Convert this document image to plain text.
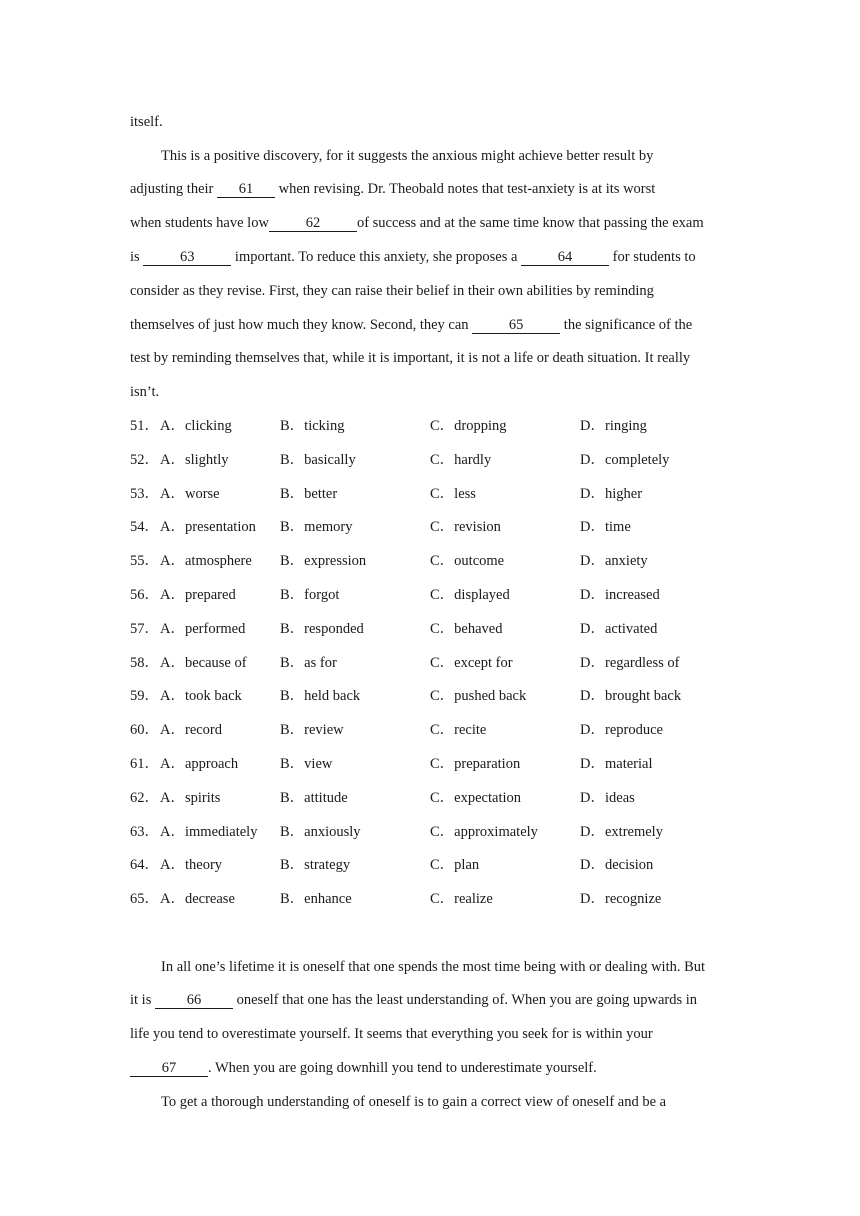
itself.
This is a positive discovery, for it suggests the anxious might achieve better result by
adjusting their 61 when revising. Dr. Theobald notes that test-anxiety is at its worst
when students have low	62	of success and at the same time know that passing the exam
is	63	important. To reduce this anxiety, she proposes a	64	for students to
consider as they revise. First, they can raise their belief in their own abilities by reminding
themselves of just how much they know. Second, they can	65	the significance of the
test by reminding themselves that, while it is important, it is not a life or death situation. It really
isn’t.
51． A．clicking	B．ticking	C．dropping	D．ringing
52． A．slightly	B．basically	C．hardly	D．completely
53． A．worse	B．better	C．less	D．higher
54． A．presentation B．memory	C．revision	D．time
55． A．atmosphere B．expression	C．outcome	D．anxiety
56． A．prepared	B．forgot	C．displayed	D．increased
57． A．performed B．responded	C．behaved	D．activated
58． A．because of B．as for	C．except for	D．regardless of
59． A．took back	B．held back	C．pushed back	D．brought back
60． A．record	B．review	C．recite	D．reproduce
61． A．approach	B．view	C．preparation	D．material
62． A．spirits	B．attitude	C．expectation	D．ideas
63． A．immediately B．anxiously	C．approximately	D．extremely
64． A．theory	B．strategy	C．plan	D．decision
65． A．decrease	B．enhance	C．realize	D．recognize
In all one’s lifetime it is oneself that one spends the most time being with or dealing with. But
it is 66 oneself that one has the least understanding of. When you are going upwards in
life you tend to overestimate yourself. It seems that everything you seek for is within your
67 . When you are going downhill you tend to underestimate yourself.
To get a thorough understanding of oneself is to gain a correct view of oneself and be a
